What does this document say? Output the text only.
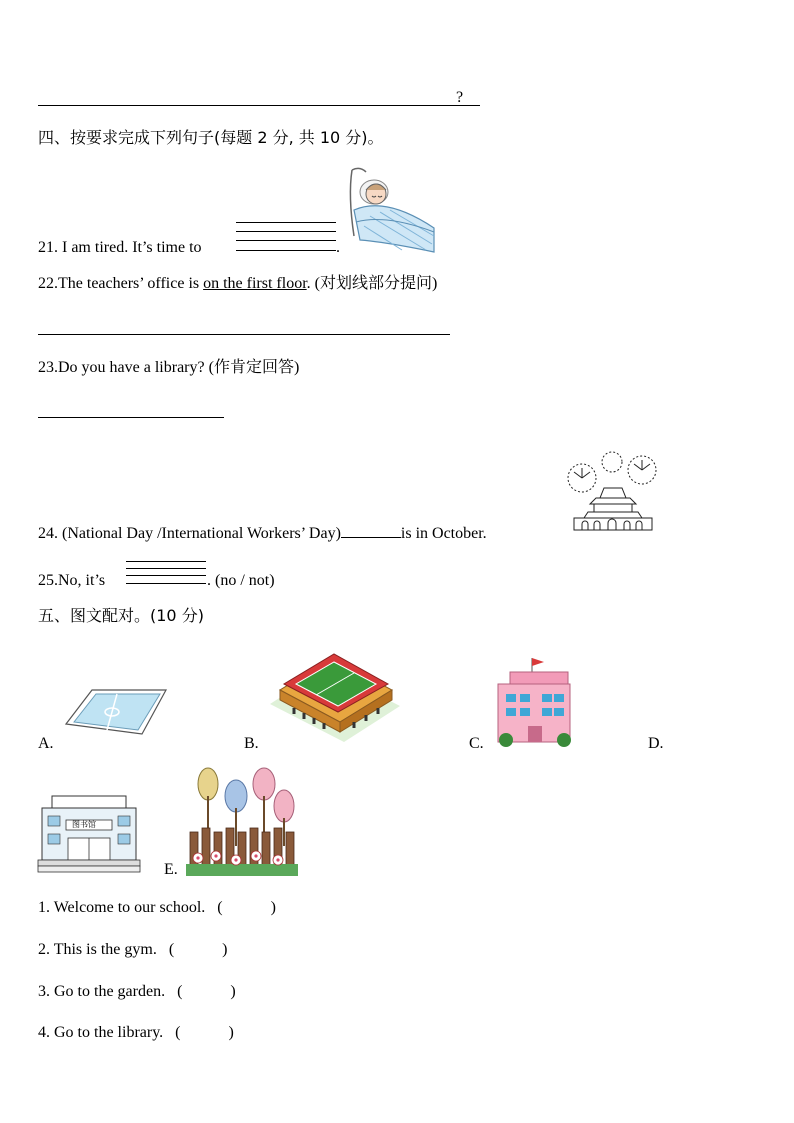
?
四、按要求完成下列句子(每题 2 分, 共 10 分)。
21. I am tired. It’s time to	.
22.The teachers’ office is on the first floor. (对划线部分提问)
23.Do you have a library? (作肯定回答)
24. (National Day /International Workers’ Day)	is in October.
25.No, it’s	. (no / not)
五、图文配对。(10 分)
A.	B.	C.	D.
图书馆
E.
1. Welcome to our school. (            )
2. This is the gym. (            )
3. Go to the garden. (            )
4. Go to the library. (            )
